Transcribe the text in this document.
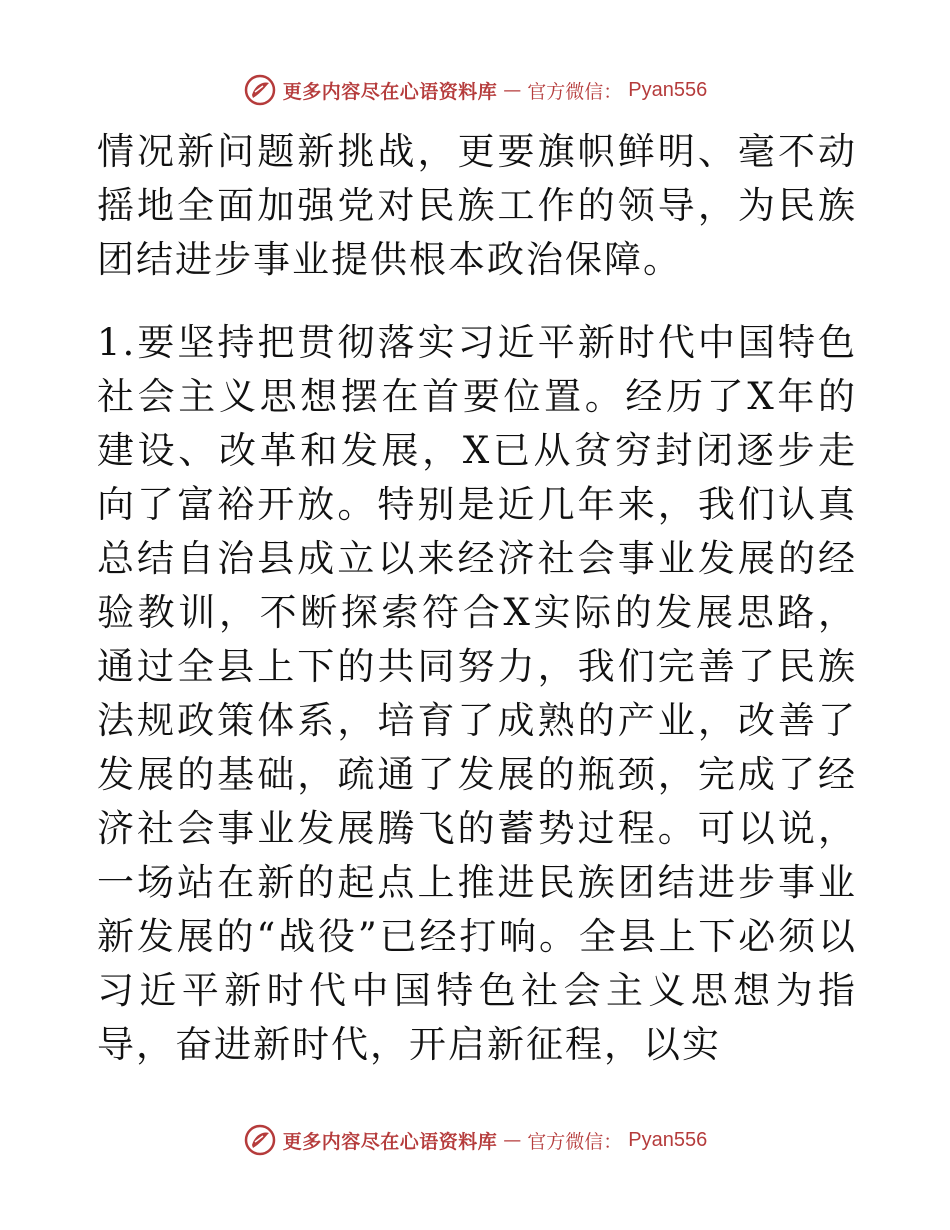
更多内容尽在心语资料库 — 官方微信： Pyan556

情况新问题新挑战，更要旗帜鲜明、毫不动摇地全面加强党对民族工作的领导，为民族团结进步事业提供根本政治保障。

1.要坚持把贯彻落实习近平新时代中国特色社会主义思想摆在首要位置。经历了X年的建设、改革和发展，X已从贫穷封闭逐步走向了富裕开放。特别是近几年来，我们认真总结自治县成立以来经济社会事业发展的经验教训，不断探索符合X实际的发展思路，通过全县上下的共同努力，我们完善了民族法规政策体系，培育了成熟的产业，改善了发展的基础，疏通了发展的瓶颈，完成了经济社会事业发展腾飞的蓄势过程。可以说，一场站在新的起点上推进民族团结进步事业新发展的“战役”已经打响。全县上下必须以习近平新时代中国特色社会主义思想为指导，奋进新时代，开启新征程，以实

更多内容尽在心语资料库 — 官方微信： Pyan556
